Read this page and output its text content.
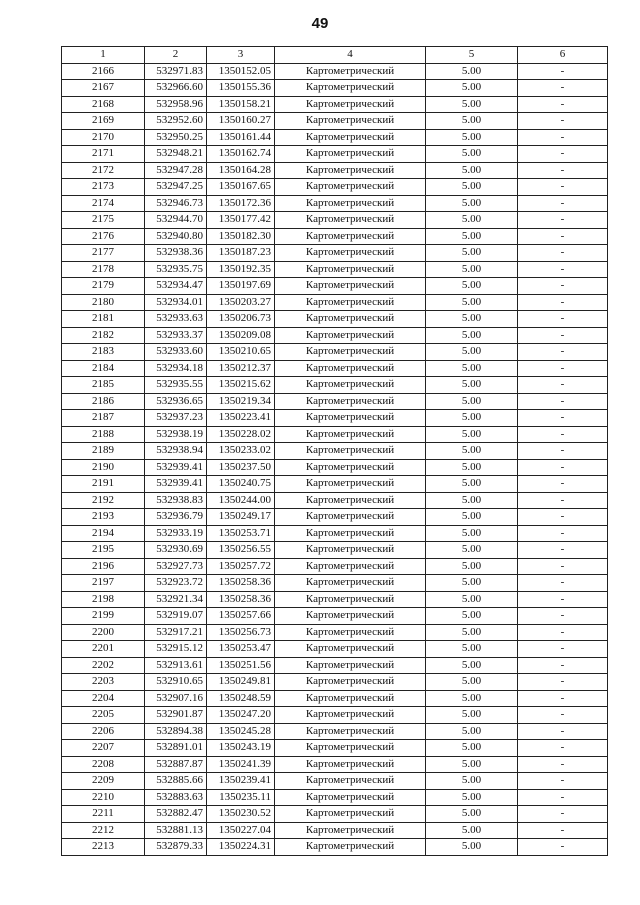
49
1	2	3	4	5	6
2166	532971.83	1350152.05	Картометрический	5.00	-
2167	532966.60	1350155.36	Картометрический	5.00	-
2168	532958.96	1350158.21	Картометрический	5.00	-
2169	532952.60	1350160.27	Картометрический	5.00	-
2170	532950.25	1350161.44	Картометрический	5.00	-
2171	532948.21	1350162.74	Картометрический	5.00	-
2172	532947.28	1350164.28	Картометрический	5.00	-
2173	532947.25	1350167.65	Картометрический	5.00	-
2174	532946.73	1350172.36	Картометрический	5.00	-
2175	532944.70	1350177.42	Картометрический	5.00	-
2176	532940.80	1350182.30	Картометрический	5.00	-
2177	532938.36	1350187.23	Картометрический	5.00	-
2178	532935.75	1350192.35	Картометрический	5.00	-
2179	532934.47	1350197.69	Картометрический	5.00	-
2180	532934.01	1350203.27	Картометрический	5.00	-
2181	532933.63	1350206.73	Картометрический	5.00	-
2182	532933.37	1350209.08	Картометрический	5.00	-
2183	532933.60	1350210.65	Картометрический	5.00	-
2184	532934.18	1350212.37	Картометрический	5.00	-
2185	532935.55	1350215.62	Картометрический	5.00	-
2186	532936.65	1350219.34	Картометрический	5.00	-
2187	532937.23	1350223.41	Картометрический	5.00	-
2188	532938.19	1350228.02	Картометрический	5.00	-
2189	532938.94	1350233.02	Картометрический	5.00	-
2190	532939.41	1350237.50	Картометрический	5.00	-
2191	532939.41	1350240.75	Картометрический	5.00	-
2192	532938.83	1350244.00	Картометрический	5.00	-
2193	532936.79	1350249.17	Картометрический	5.00	-
2194	532933.19	1350253.71	Картометрический	5.00	-
2195	532930.69	1350256.55	Картометрический	5.00	-
2196	532927.73	1350257.72	Картометрический	5.00	-
2197	532923.72	1350258.36	Картометрический	5.00	-
2198	532921.34	1350258.36	Картометрический	5.00	-
2199	532919.07	1350257.66	Картометрический	5.00	-
2200	532917.21	1350256.73	Картометрический	5.00	-
2201	532915.12	1350253.47	Картометрический	5.00	-
2202	532913.61	1350251.56	Картометрический	5.00	-
2203	532910.65	1350249.81	Картометрический	5.00	-
2204	532907.16	1350248.59	Картометрический	5.00	-
2205	532901.87	1350247.20	Картометрический	5.00	-
2206	532894.38	1350245.28	Картометрический	5.00	-
2207	532891.01	1350243.19	Картометрический	5.00	-
2208	532887.87	1350241.39	Картометрический	5.00	-
2209	532885.66	1350239.41	Картометрический	5.00	-
2210	532883.63	1350235.11	Картометрический	5.00	-
2211	532882.47	1350230.52	Картометрический	5.00	-
2212	532881.13	1350227.04	Картометрический	5.00	-
2213	532879.33	1350224.31	Картометрический	5.00	-
